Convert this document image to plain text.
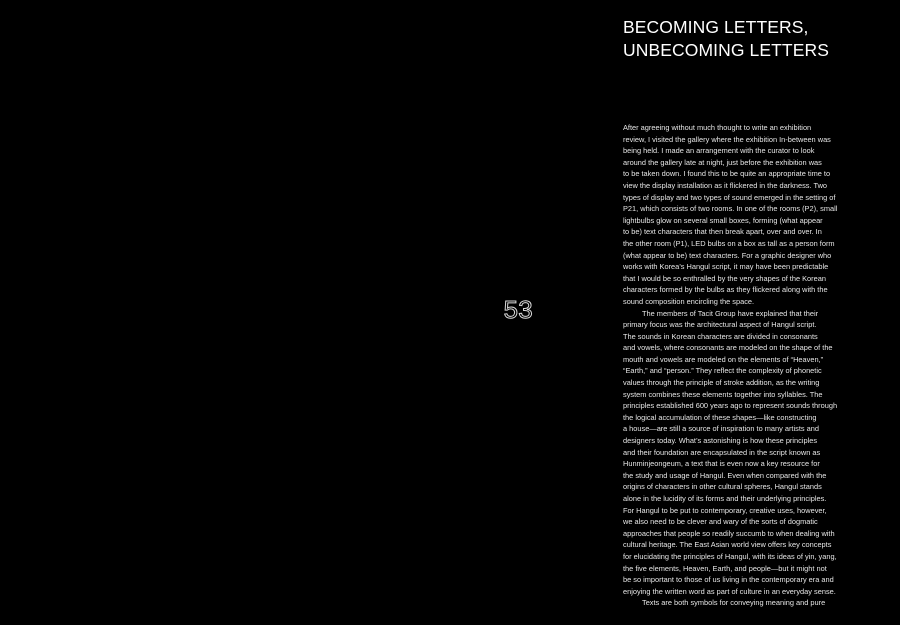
53
BECOMING LETTERS,
UNBECOMING LETTERS
After agreeing without much thought to write an exhibition
review, I visited the gallery where the exhibition In-between was
being held. I made an arrangement with the curator to look
around the gallery late at night, just before the exhibition was
to be taken down. I found this to be quite an appropriate time to
view the display installation as it flickered in the darkness. Two
types of display and two types of sound emerged in the setting of
P21, which consists of two rooms. In one of the rooms (P2), small
lightbulbs glow on several small boxes, forming (what appear
to be) text characters that then break apart, over and over. In
the other room (P1), LED bulbs on a box as tall as a person form
(what appear to be) text characters. For a graphic designer who
works with Korea’s Hangul script, it may have been predictable
that I would be so enthralled by the very shapes of the Korean
characters formed by the bulbs as they flickered along with the
sound composition encircling the space.
The members of Tacit Group have explained that their
primary focus was the architectural aspect of Hangul script.
The sounds in Korean characters are divided in consonants
and vowels, where consonants are modeled on the shape of the
mouth and vowels are modeled on the elements of “Heaven,”
“Earth,” and “person.” They reflect the complexity of phonetic
values through the principle of stroke addition, as the writing
system combines these elements together into syllables. The
principles established 600 years ago to represent sounds through
the logical accumulation of these shapes—like constructing
a house—are still a source of inspiration to many artists and
designers today. What’s astonishing is how these principles
and their foundation are encapsulated in the script known as
Hunminjeongeum, a text that is even now a key resource for
the study and usage of Hangul. Even when compared with the
origins of characters in other cultural spheres, Hangul stands
alone in the lucidity of its forms and their underlying principles.
For Hangul to be put to contemporary, creative uses, however,
we also need to be clever and wary of the sorts of dogmatic
approaches that people so readily succumb to when dealing with
cultural heritage. The East Asian world view offers key concepts
for elucidating the principles of Hangul, with its ideas of yin, yang,
the five elements, Heaven, Earth, and people—but it might not
be so important to those of us living in the contemporary era and
enjoying the written word as part of culture in an everyday sense.
Texts are both symbols for conveying meaning and pure
